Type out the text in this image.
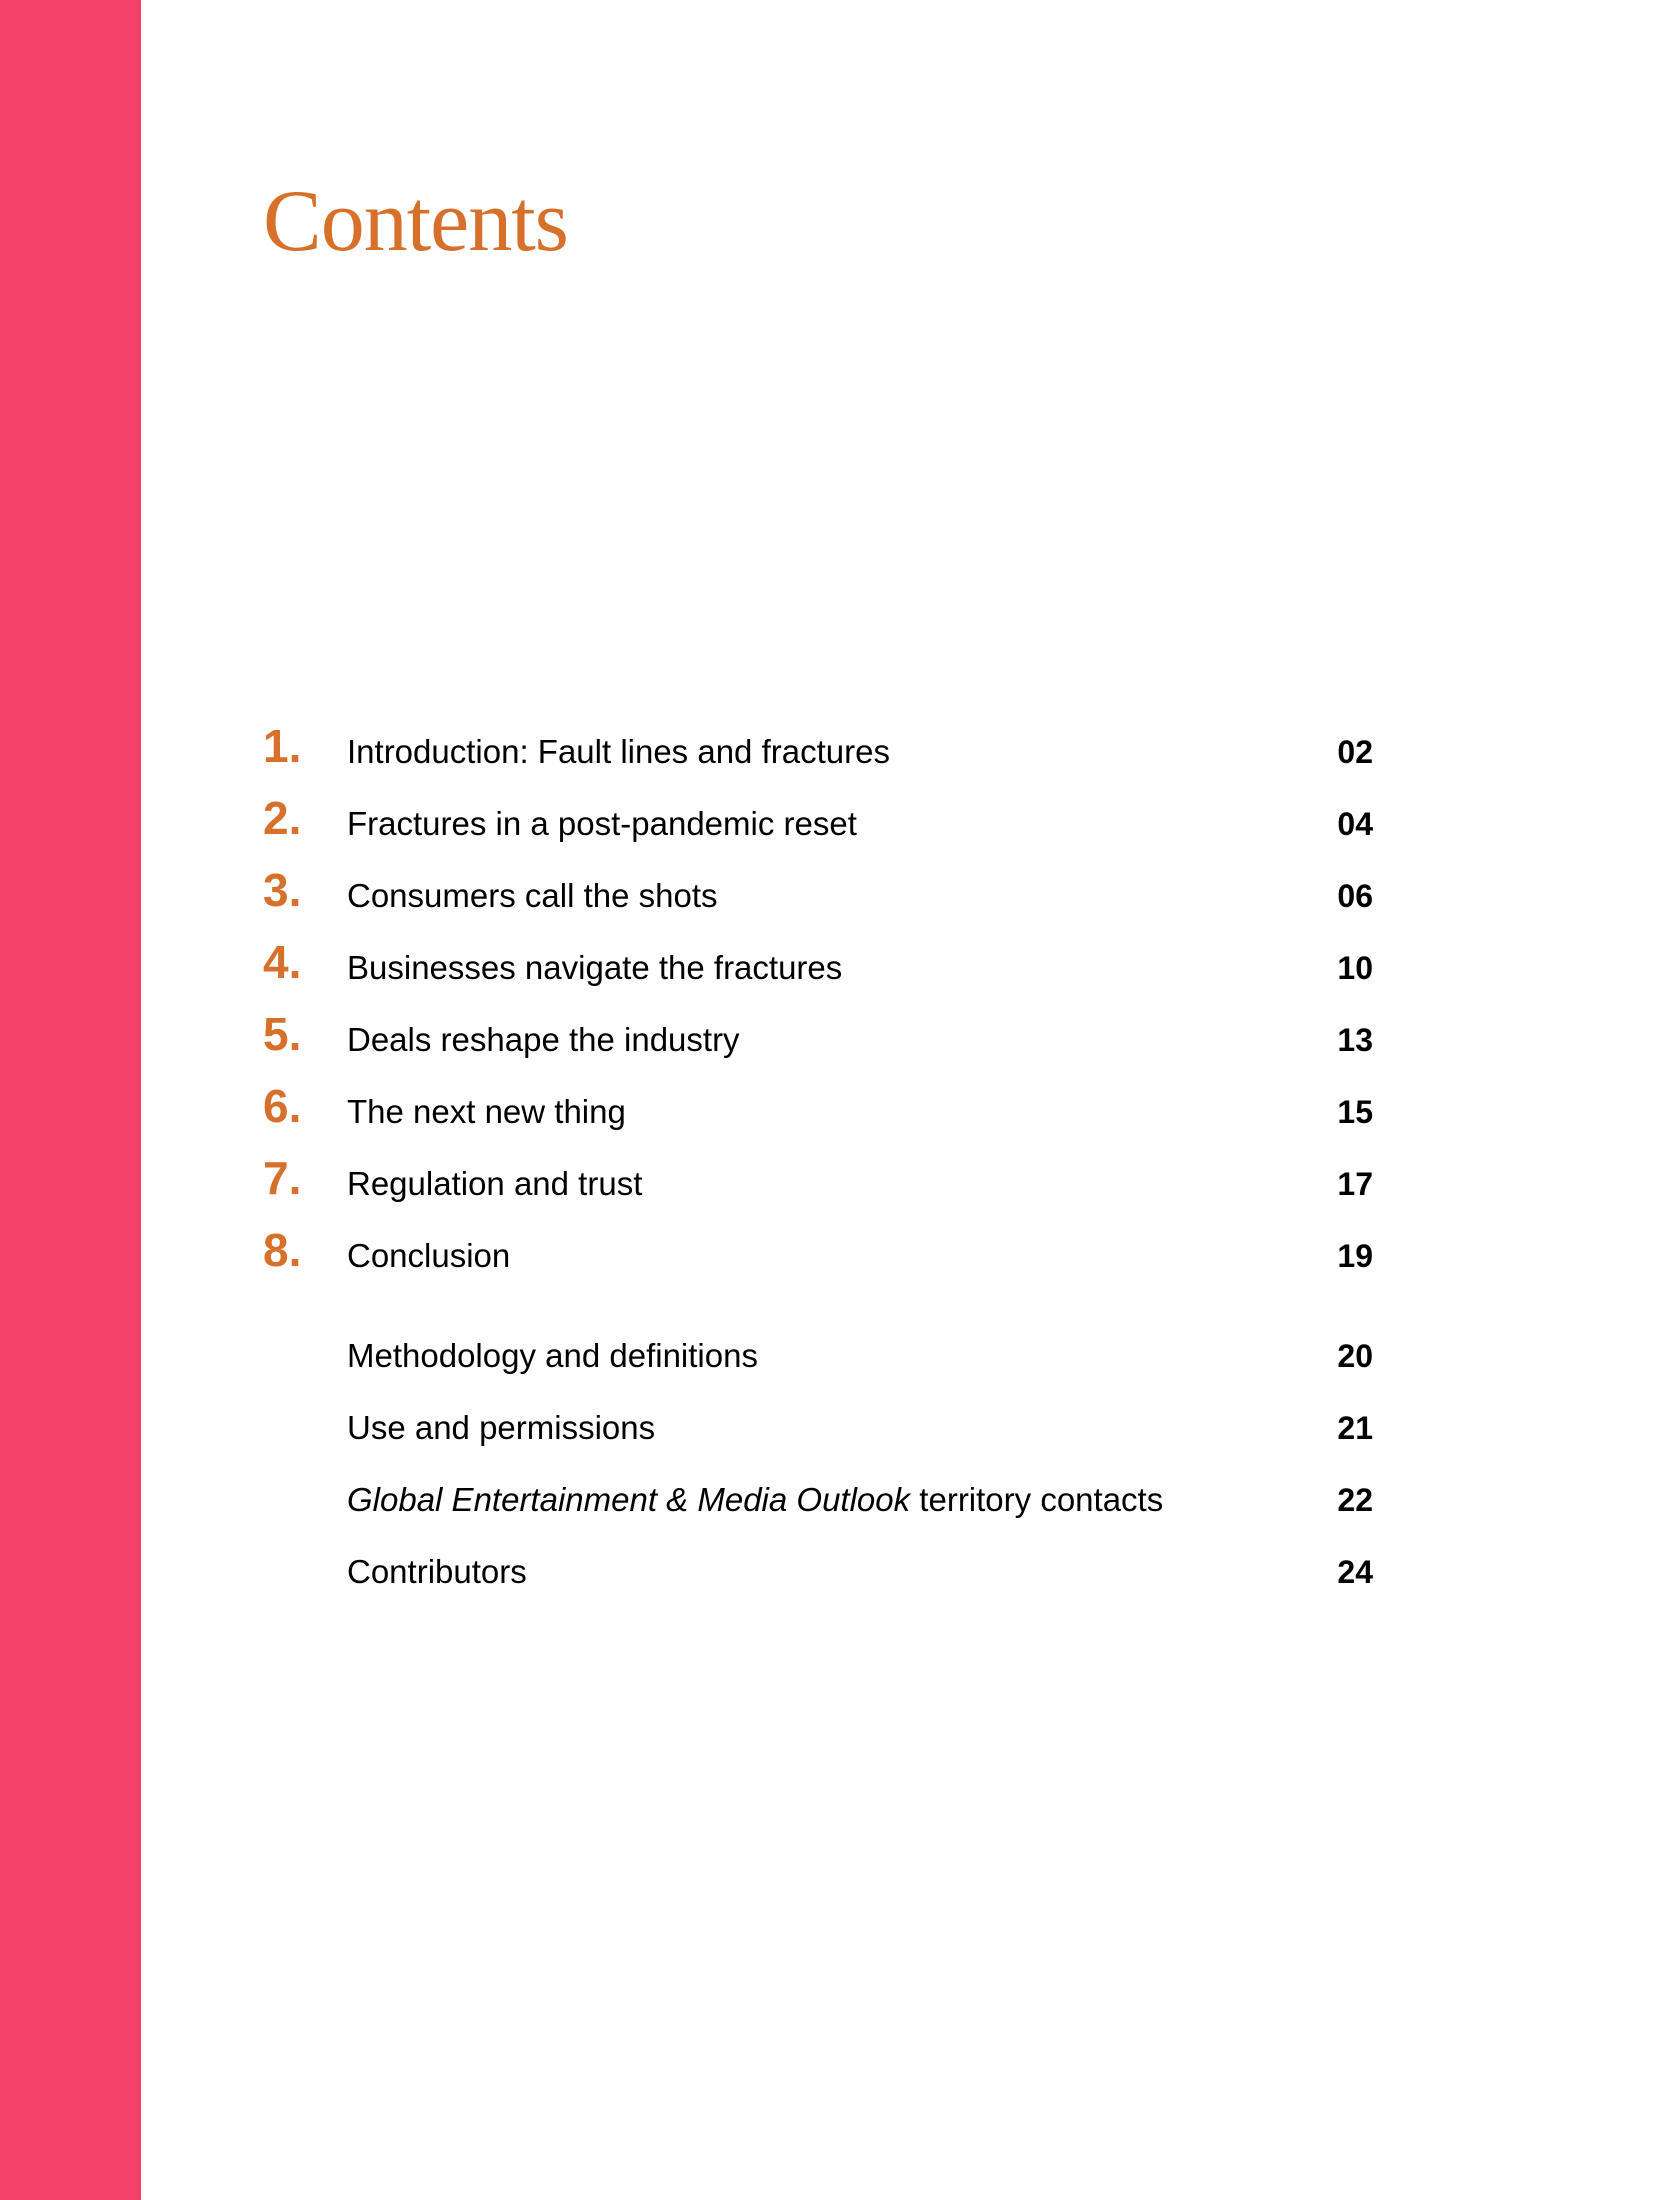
Contents
1. Introduction: Fault lines and fractures	02
2. Fractures in a post-pandemic reset	04
3. Consumers call the shots	06
4. Businesses navigate the fractures	10
5. Deals reshape the industry	13
6. The next new thing	15
7. Regulation and trust	17
8. Conclusion	19
Methodology and definitions	20
Use and permissions	21
Global Entertainment & Media Outlook territory contacts	22
Contributors	24
